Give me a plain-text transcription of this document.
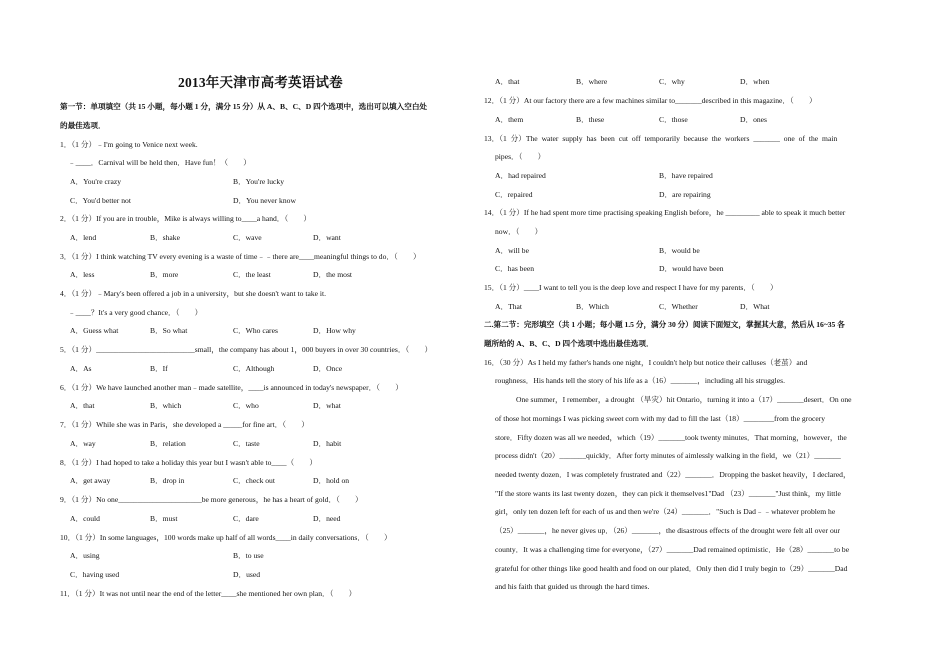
2013年天津市高考英语试卷
第一节：单项填空（共 15 小题，每小题 1 分，满分 15 分）从 A、B、C、D 四个选项中，选出可以填入空白处
的最佳选项．
1．（1 分）﹣I'm going to Venice next week.
﹣____．Carnival will be held then．Have fun！（　　）
A．You're crazy	B．You're lucky
C．You'd better not	D．You never know
2．（1 分）If you are in trouble，Mike is always willing to____a hand．（　　）
A．lend	B．shake	C．wave	D．want
3．（1 分）I think watching TV every evening is a waste of time﹣﹣there are____meaningful things to do．（　　）
A．less	B．more	C．the least	D．the most
4．（1 分）﹣Mary's been offered a job in a university，but she doesn't want to take it.
﹣____？It's a very good chance．（　　）
A．Guess what	B．So what	C．Who cares	D．How why
5．（1 分）__________________________small，the company has about 1，000 buyers in over 30 countries．（　　）
A．As	B．If	C．Although	D．Once
6．（1 分）We have launched another man﹣made satellite，____is announced in today's newspaper．（　　）
A．that	B．which	C．who	D．what
7．（1 分）While she was in Paris，she developed a _____for fine art．（　　）
A．way	B．relation	C．taste	D．habit
8．（1 分）I had hoped to take a holiday this year but I wasn't able to____（　　）
A．get away	B．drop in	C．check out	D．hold on
9．（1 分）No one______________________be more generous，he has a heart of gold．（　　）
A．could	B．must	C．dare	D．need
10．（1 分）In some languages，100 words make up half of all words____in daily conversations．（　　）
A．using	B．to use
C．having used	D．used
11．（1 分）It was not until near the end of the letter____she mentioned her own plan．（　　）
A．that	B．where	C．why	D．when
12．（1 分）At our factory there are a few machines similar to_______described in this magazine．（　　）
A．them	B．these	C．those	D．ones
13．（1 分）The water supply has been cut off temporarily because the workers _______ one of the main
pipes．（　　）
A．had repaired	B．have repaired
C．repaired	D．are repairing
14．（1 分）If he had spent more time practising speaking English before，he _________ able to speak it much better
now．（　　）
A．will be	B．would be
C．has been	D．would have been
15．（1 分）____I want to tell you is the deep love and respect I have for my parents．（　　）
A．That	B．Which	C．Whether	D．What
二.第二节：完形填空（共 1 小题；每小题 1.5 分，满分 30 分）阅读下面短文，掌握其大意，然后从 16~35 各
题所给的 A、B、C、D 四个选项中选出最佳选项．
16．（30 分）As I held my father's hands one night，I couldn't help but notice their calluses（老茧）and
roughness．His hands tell the story of his life as a（16）_______，including all his struggles.
One summer，I remember，a drought （旱灾）hit Ontario，turning it into a（17）_______desert．On one
of those hot mornings I was picking sweet corn with my dad to fill the last（18）________from the grocery
store．Fifty dozen was all we needed，which（19）_______took twenty minutes．That morning，however，the
process didn't（20）_______quickly．After forty minutes of aimlessly walking in the field，we（21）_______
needed twenty dozen．I was completely frustrated and（22）_______．Dropping the basket heavily，I declared，
"If the store wants its last twenty dozen，they can pick it themselves1"Dad （23）_______"Just think，my little
girl，only ten dozen left for each of us and then we're（24）_______．"Such is Dad﹣﹣whatever problem he
（25）_______，he never gives up．（26）_______，the disastrous effects of the drought were felt all over our
county．It was a challenging time for everyone，（27）_______Dad remained optimistic．He（28）_______to be
grateful for other things like good health and food on our plated．Only then did I truly begin to（29）_______Dad
and his faith that guided us through the hard times.
